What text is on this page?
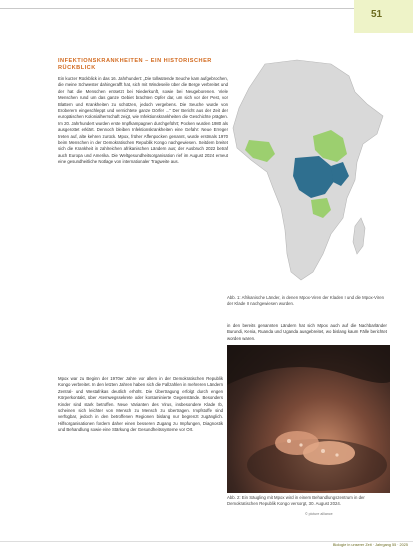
51
INFEKTIONSKRANKHEITEN – EIN HISTORISCHER RÜCKBLICK

Ein kurzer Rückblick in das 16. Jahrhundert: „Die tollwütende Seuche kam aufgebrochen, die meine Schwester dahingerafft hat, sich mit Windeseile über die Berge verbreitet und der hat die Menschen entsetzt bei Niederkunft, sowie bei Neugeborenen. Viele Menschen rund um das ganze Gebiet brachten Opfer dar, um sich vor der Pest, vor Blattern und Krankheiten zu schützen, jedoch vergebens. Die Seuche wurde von Eroberern eingeschleppt und vernichtete ganze Dörfer ...“ Der Bericht aus der Zeit der europäischen Kolonialherrschaft zeigt, wie Infektionskrankheiten die Geschichte prägten. Im 20. Jahrhundert wurden erste Impfkampagnen durchgeführt; Pocken wurden 1980 als ausgerottet erklärt. Dennoch bleiben Infektionskrankheiten eine Gefahr: Neue Erreger treten auf, alte kehren zurück. Mpox, früher Affenpocken genannt, wurde erstmals 1970 beim Menschen in der Demokratischen Republik Kongo nachgewiesen. Seitdem breitet sich die Krankheit in zahlreichen afrikanischen Ländern aus; der Ausbruch 2022 betraf auch Europa und Amerika. Die Weltgesundheitsorganisation rief im August 2024 erneut eine gesundheitliche Notlage von internationaler Tragweite aus.

Abb. 1: Afrikanische Länder, in denen Mpox-Viren der Kladen I und die Mpox-Viren der Klade II nachgewiesen wurden.

in den bereits genannten Ländern hat sich Mpox auch auf die Nachbarländer Burundi, Kenia, Ruanda und Uganda ausgebreitet, wo bislang kaum Fälle berichtet worden waren.

Abb. 2: Ein Säugling mit Mpox wird in einem Behandlungszentrum in der Demokratischen Republik Kongo versorgt, 30. August 2024.
© picture alliance

Mpox war zu Beginn der 1970er Jahre vor allem in der Demokratischen Republik Kongo verbreitet. In den letzten Jahren haben sich die Fallzahlen in mehreren Ländern Zentral- und Westafrikas deutlich erhöht. Die Übertragung erfolgt durch engen Körperkontakt, über Atemwegssekrete oder kontaminierte Gegenstände. Besonders Kinder sind stark betroffen. Neue Varianten des Virus, insbesondere Klade Ib, scheinen sich leichter von Mensch zu Mensch zu übertragen. Impfstoffe sind verfügbar, jedoch in den betroffenen Regionen bislang nur begrenzt zugänglich. Hilfsorganisationen fordern daher einen besseren Zugang zu Impfungen, Diagnostik und Behandlung sowie eine Stärkung der Gesundheitssysteme vor Ort.

Biologie in unserer Zeit · Jahrgang 55 · 2025
